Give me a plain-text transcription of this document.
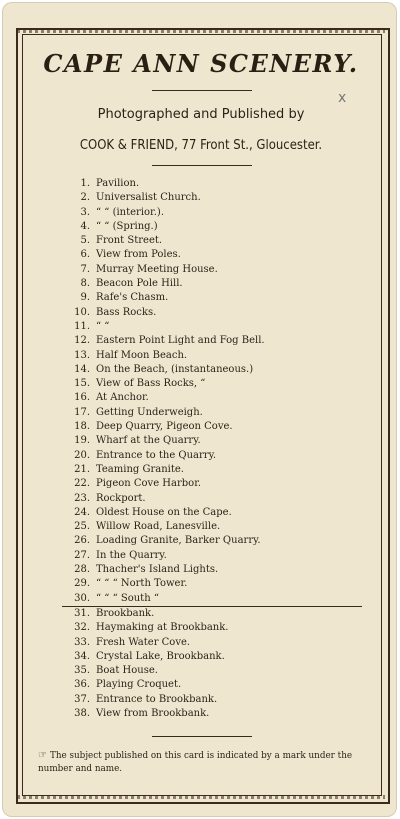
CAPE ANN SCENERY.
x
Photographed and Published by
COOK & FRIEND, 77 Front St., Gloucester.
1. Pavilion.
2. Universalist Church.
3. “ “ (interior.).
4. “ “ (Spring.)
5. Front Street.
6. View from Poles.
7. Murray Meeting House.
8. Beacon Pole Hill.
9. Rafe's Chasm.
10. Bass Rocks.
11. “ “
12. Eastern Point Light and Fog Bell.
13. Half Moon Beach.
14. On the Beach, (instantaneous.)
15. View of Bass Rocks, “
16. At Anchor.
17. Getting Underweigh.
18. Deep Quarry, Pigeon Cove.
19. Wharf at the Quarry.
20. Entrance to the Quarry.
21. Teaming Granite.
22. Pigeon Cove Harbor.
23. Rockport.
24. Oldest House on the Cape.
25. Willow Road, Lanesville.
26. Loading Granite, Barker Quarry.
27. In the Quarry.
28. Thacher's Island Lights.
29. “ “ “ North Tower.
30. “ “ “ South “
31. Brookbank.
32. Haymaking at Brookbank.
33. Fresh Water Cove.
34. Crystal Lake, Brookbank.
35. Boat House.
36. Playing Croquet.
37. Entrance to Brookbank.
38. View from Brookbank.
☞ The subject published on this card is indicated by a mark under the number and name.
